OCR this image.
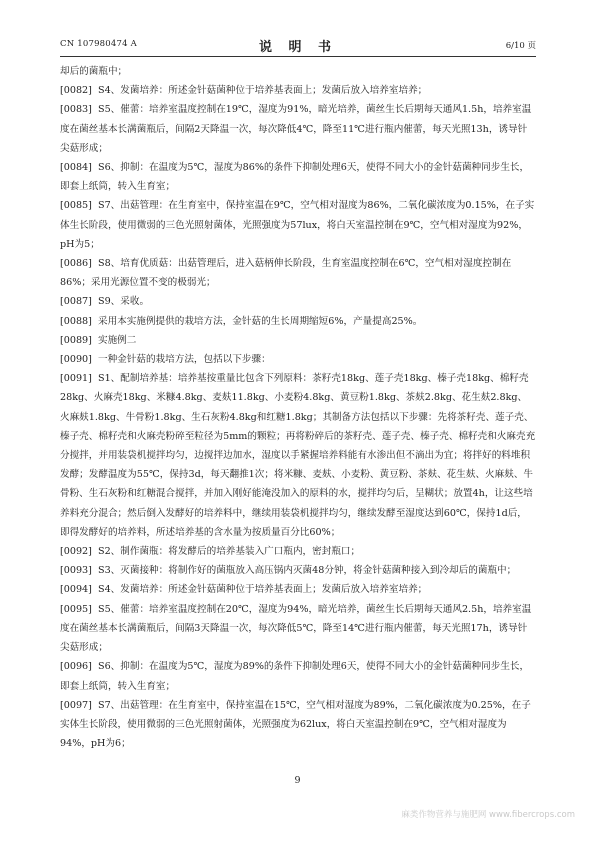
CN 107980474 A	说 明 书	6/10 页

却后的菌瓶中；

[0082] S4、发菌培养：所述金针菇菌种位于培养基表面上；发菌后放入培养室培养；

[0083] S5、催蕾：培养室温度控制在19℃，湿度为91%，暗光培养，菌丝生长后期每天通风1.5h，培养室温度在菌丝基本长满菌瓶后，间隔2天降温一次，每次降低4℃，降至11℃进行瓶内催蕾，每天光照13h，诱导针尖菇形成；

[0084] S6、抑制：在温度为5℃，湿度为86%的条件下抑制处理6天，使得不同大小的金针菇菌种同步生长，即套上纸筒，转入生育室；

[0085] S7、出菇管理：在生育室中，保持室温在9℃，空气相对湿度为86%，二氧化碳浓度为0.15%，在子实体生长阶段，使用微弱的三色光照射菌体，光照强度为57lux，将白天室温控制在9℃，空气相对湿度为92%，pH为5；

[0086] S8、培育优质菇：出菇管理后，进入菇柄伸长阶段，生育室温度控制在6℃，空气相对湿度控制在86%；采用光源位置不变的极弱光；

[0087] S9、采收。

[0088] 采用本实施例提供的栽培方法，金针菇的生长周期缩短6%，产量提高25%。

[0089] 实施例二

[0090] 一种金针菇的栽培方法，包括以下步骤：

[0091] S1、配制培养基：培养基按重量比包含下列原料：茶籽壳18kg、莲子壳18kg、榛子壳18kg、棉籽壳28kg、火麻壳18kg、米糠4.8kg、麦麸11.8kg、小麦粉4.8kg、黄豆粉1.8kg、茶麸2.8kg、花生麸2.8kg、火麻麸1.8kg、牛骨粉1.8kg、生石灰粉4.8kg和红糖1.8kg；其制备方法包括以下步骤：先将茶籽壳、莲子壳、榛子壳、棉籽壳和火麻壳粉碎至粒径为5mm的颗粒；再将粉碎后的茶籽壳、莲子壳、榛子壳、棉籽壳和火麻壳充分搅拌，并用装袋机搅拌均匀，边搅拌边加水，湿度以手紧握培养料能有水渗出但不滴出为宜；将拌好的料堆积发酵；发酵温度为55℃，保持3d，每天翻推1次；将米糠、麦麸、小麦粉、黄豆粉、茶麸、花生麸、火麻麸、牛骨粉、生石灰粉和红糖混合搅拌，并加入刚好能淹没加入的原料的水，搅拌均匀后，呈糊状；放置4h，让这些培养料充分混合；然后倒入发酵好的培养料中，继续用装袋机搅拌均匀，继续发酵至湿度达到60℃，保持1d后，即得发酵好的培养料，所述培养基的含水量为按质量百分比60%；

[0092] S2、制作菌瓶：将发酵后的培养基装入广口瓶内，密封瓶口；

[0093] S3、灭菌接种：将制作好的菌瓶放入高压锅内灭菌48分钟，将金针菇菌种接入到冷却后的菌瓶中；

[0094] S4、发菌培养：所述金针菇菌种位于培养基表面上；发菌后放入培养室培养；

[0095] S5、催蕾：培养室温度控制在20℃，湿度为94%，暗光培养，菌丝生长后期每天通风2.5h，培养室温度在菌丝基本长满菌瓶后，间隔3天降温一次，每次降低5℃，降至14℃进行瓶内催蕾，每天光照17h，诱导针尖菇形成；

[0096] S6、抑制：在温度为5℃，湿度为89%的条件下抑制处理6天，使得不同大小的金针菇菌种同步生长，即套上纸筒，转入生育室；

[0097] S7、出菇管理：在生育室中，保持室温在15℃，空气相对湿度为89%，二氧化碳浓度为0.25%，在子实体生长阶段，使用微弱的三色光照射菌体，光照强度为62lux，将白天室温控制在9℃，空气相对湿度为94%，pH为6；

9
麻类作物营养与施肥网 www.fibercrops.com
